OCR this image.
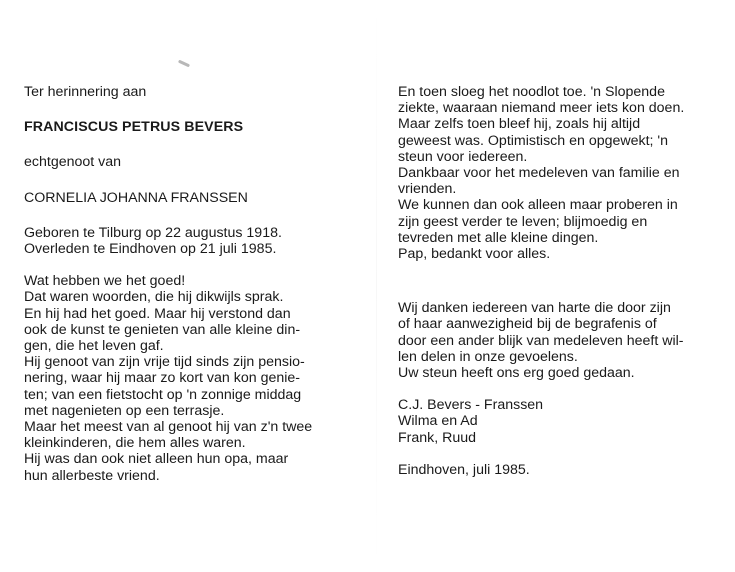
Ter herinnering aan

FRANCISCUS PETRUS BEVERS

echtgenoot van

CORNELIA JOHANNA FRANSSEN

Geboren te Tilburg op 22 augustus 1918.

Overleden te Eindhoven op 21 juli 1985.

Wat hebben we het goed!

Dat waren woorden, die hij dikwijls sprak.

En hij had het goed. Maar hij verstond dan

ook de kunst te genieten van alle kleine din-

gen, die het leven gaf.

Hij genoot van zijn vrije tijd sinds zijn pensio-

nering, waar hij maar zo kort van kon genie-

ten; van een fietstocht op 'n zonnige middag

met nagenieten op een terrasje.

Maar het meest van al genoot hij van z'n twee

kleinkinderen, die hem alles waren.

Hij was dan ook niet alleen hun opa, maar

hun allerbeste vriend.

En toen sloeg het noodlot toe. 'n Slopende

ziekte, waaraan niemand meer iets kon doen.

Maar zelfs toen bleef hij, zoals hij altijd

geweest was. Optimistisch en opgewekt; 'n

steun voor iedereen.

Dankbaar voor het medeleven van familie en

vrienden.

We kunnen dan ook alleen maar proberen in

zijn geest verder te leven; blijmoedig en

tevreden met alle kleine dingen.

Pap, bedankt voor alles.

Wij danken iedereen van harte die door zijn

of haar aanwezigheid bij de begrafenis of

door een ander blijk van medeleven heeft wil-

len delen in onze gevoelens.

Uw steun heeft ons erg goed gedaan.

C.J. Bevers - Franssen

Wilma en Ad

Frank, Ruud

Eindhoven, juli 1985.
